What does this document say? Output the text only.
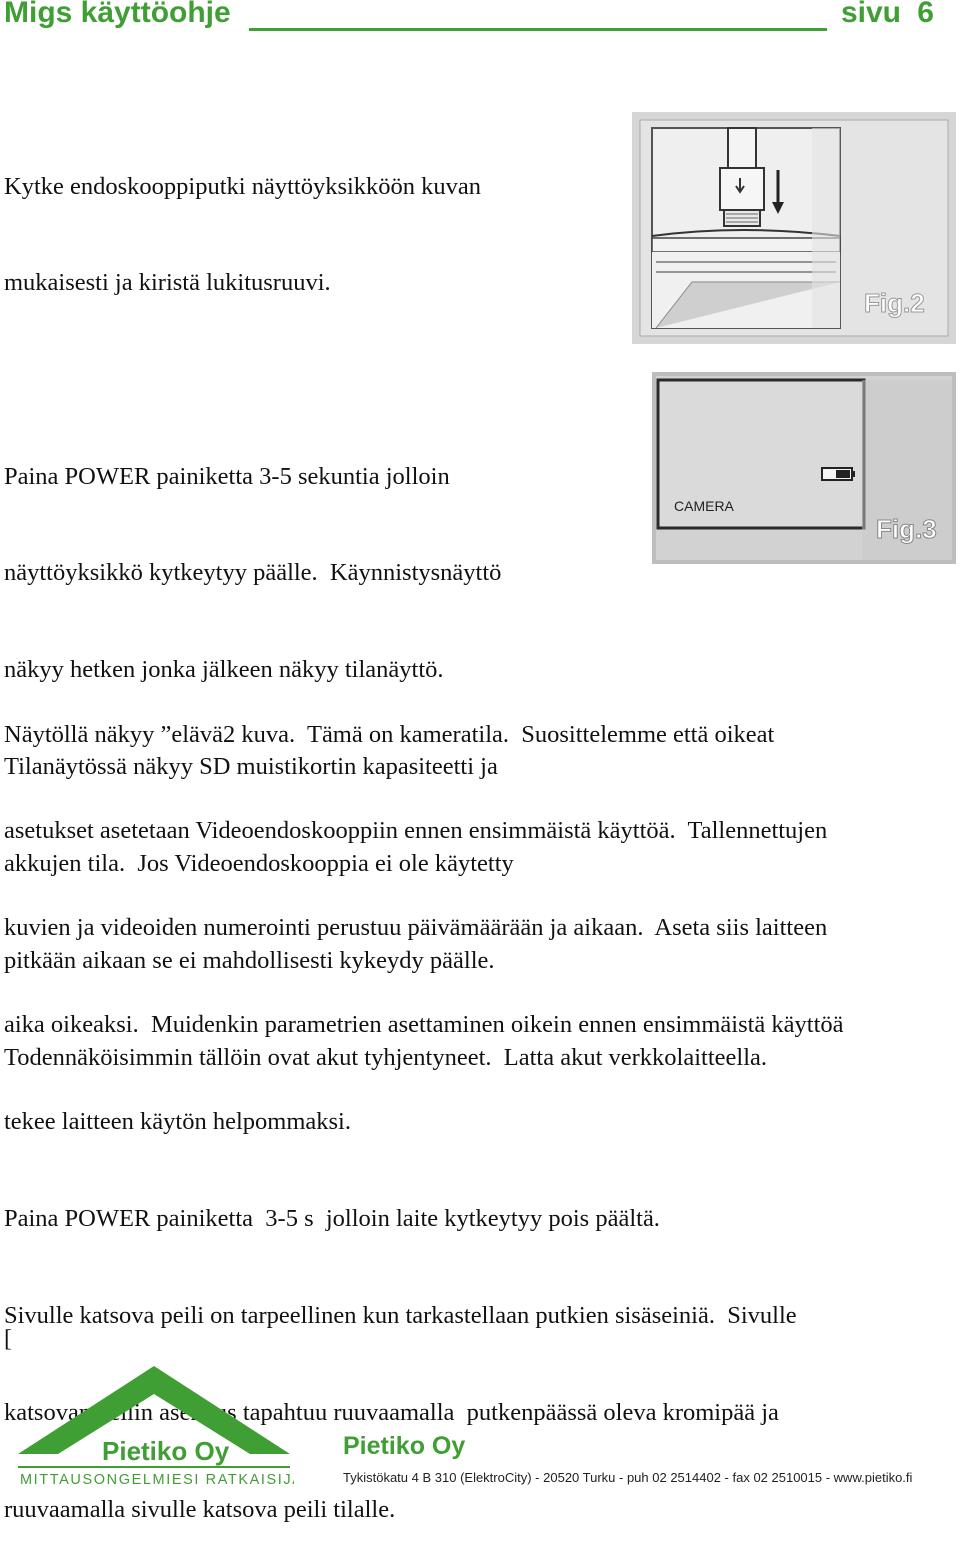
Migs käyttöohje	sivu 6

Kytke endoskooppiputki näyttöyksikköön kuvan

mukaisesti ja kiristä lukitusruuvi.

Fig.2

Paina POWER painiketta 3-5 sekuntia jolloin

näyttöyksikkö kytkeytyy päälle.  Käynnistysnäyttö

näkyy hetken jonka jälkeen näkyy tilanäyttö.

Tilanäytössä näkyy SD muistikortin kapasiteetti ja

akkujen tila.  Jos Videoendoskooppia ei ole käytetty

pitkään aikaan se ei mahdollisesti kykeydy päälle.

Todennäköisimmin tällöin ovat akut tyhjentyneet.  Latta akut verkkolaitteella.

CAMERA
Fig.3

Näytöllä näkyy ”elävä2 kuva.  Tämä on kameratila.  Suosittelemme että oikeat

asetukset asetetaan Videoendoskooppiin ennen ensimmäistä käyttöä.  Tallennettujen

kuvien ja videoiden numerointi perustuu päivämäärään ja aikaan.  Aseta siis laitteen

aika oikeaksi.  Muidenkin parametrien asettaminen oikein ennen ensimmäistä käyttöä

tekee laitteen käytön helpommaksi.

Paina POWER painiketta  3-5 s  jolloin laite kytkeytyy pois päältä.

Sivulle katsova peili on tarpeellinen kun tarkastellaan putkien sisäseiniä.  Sivulle

katsovan peilin asennus tapahtuu ruuvaamalla  putkenpäässä oleva kromipää ja

ruuvaamalla sivulle katsova peili tilalle.

[
Pietiko Oy
MITTAUSONGELMIESI RATKAISIJA
Pietiko Oy
Tykistökatu 4 B 310 (ElektroCity) - 20520 Turku - puh 02 2514402 - fax 02 2510015 - www.pietiko.fi
